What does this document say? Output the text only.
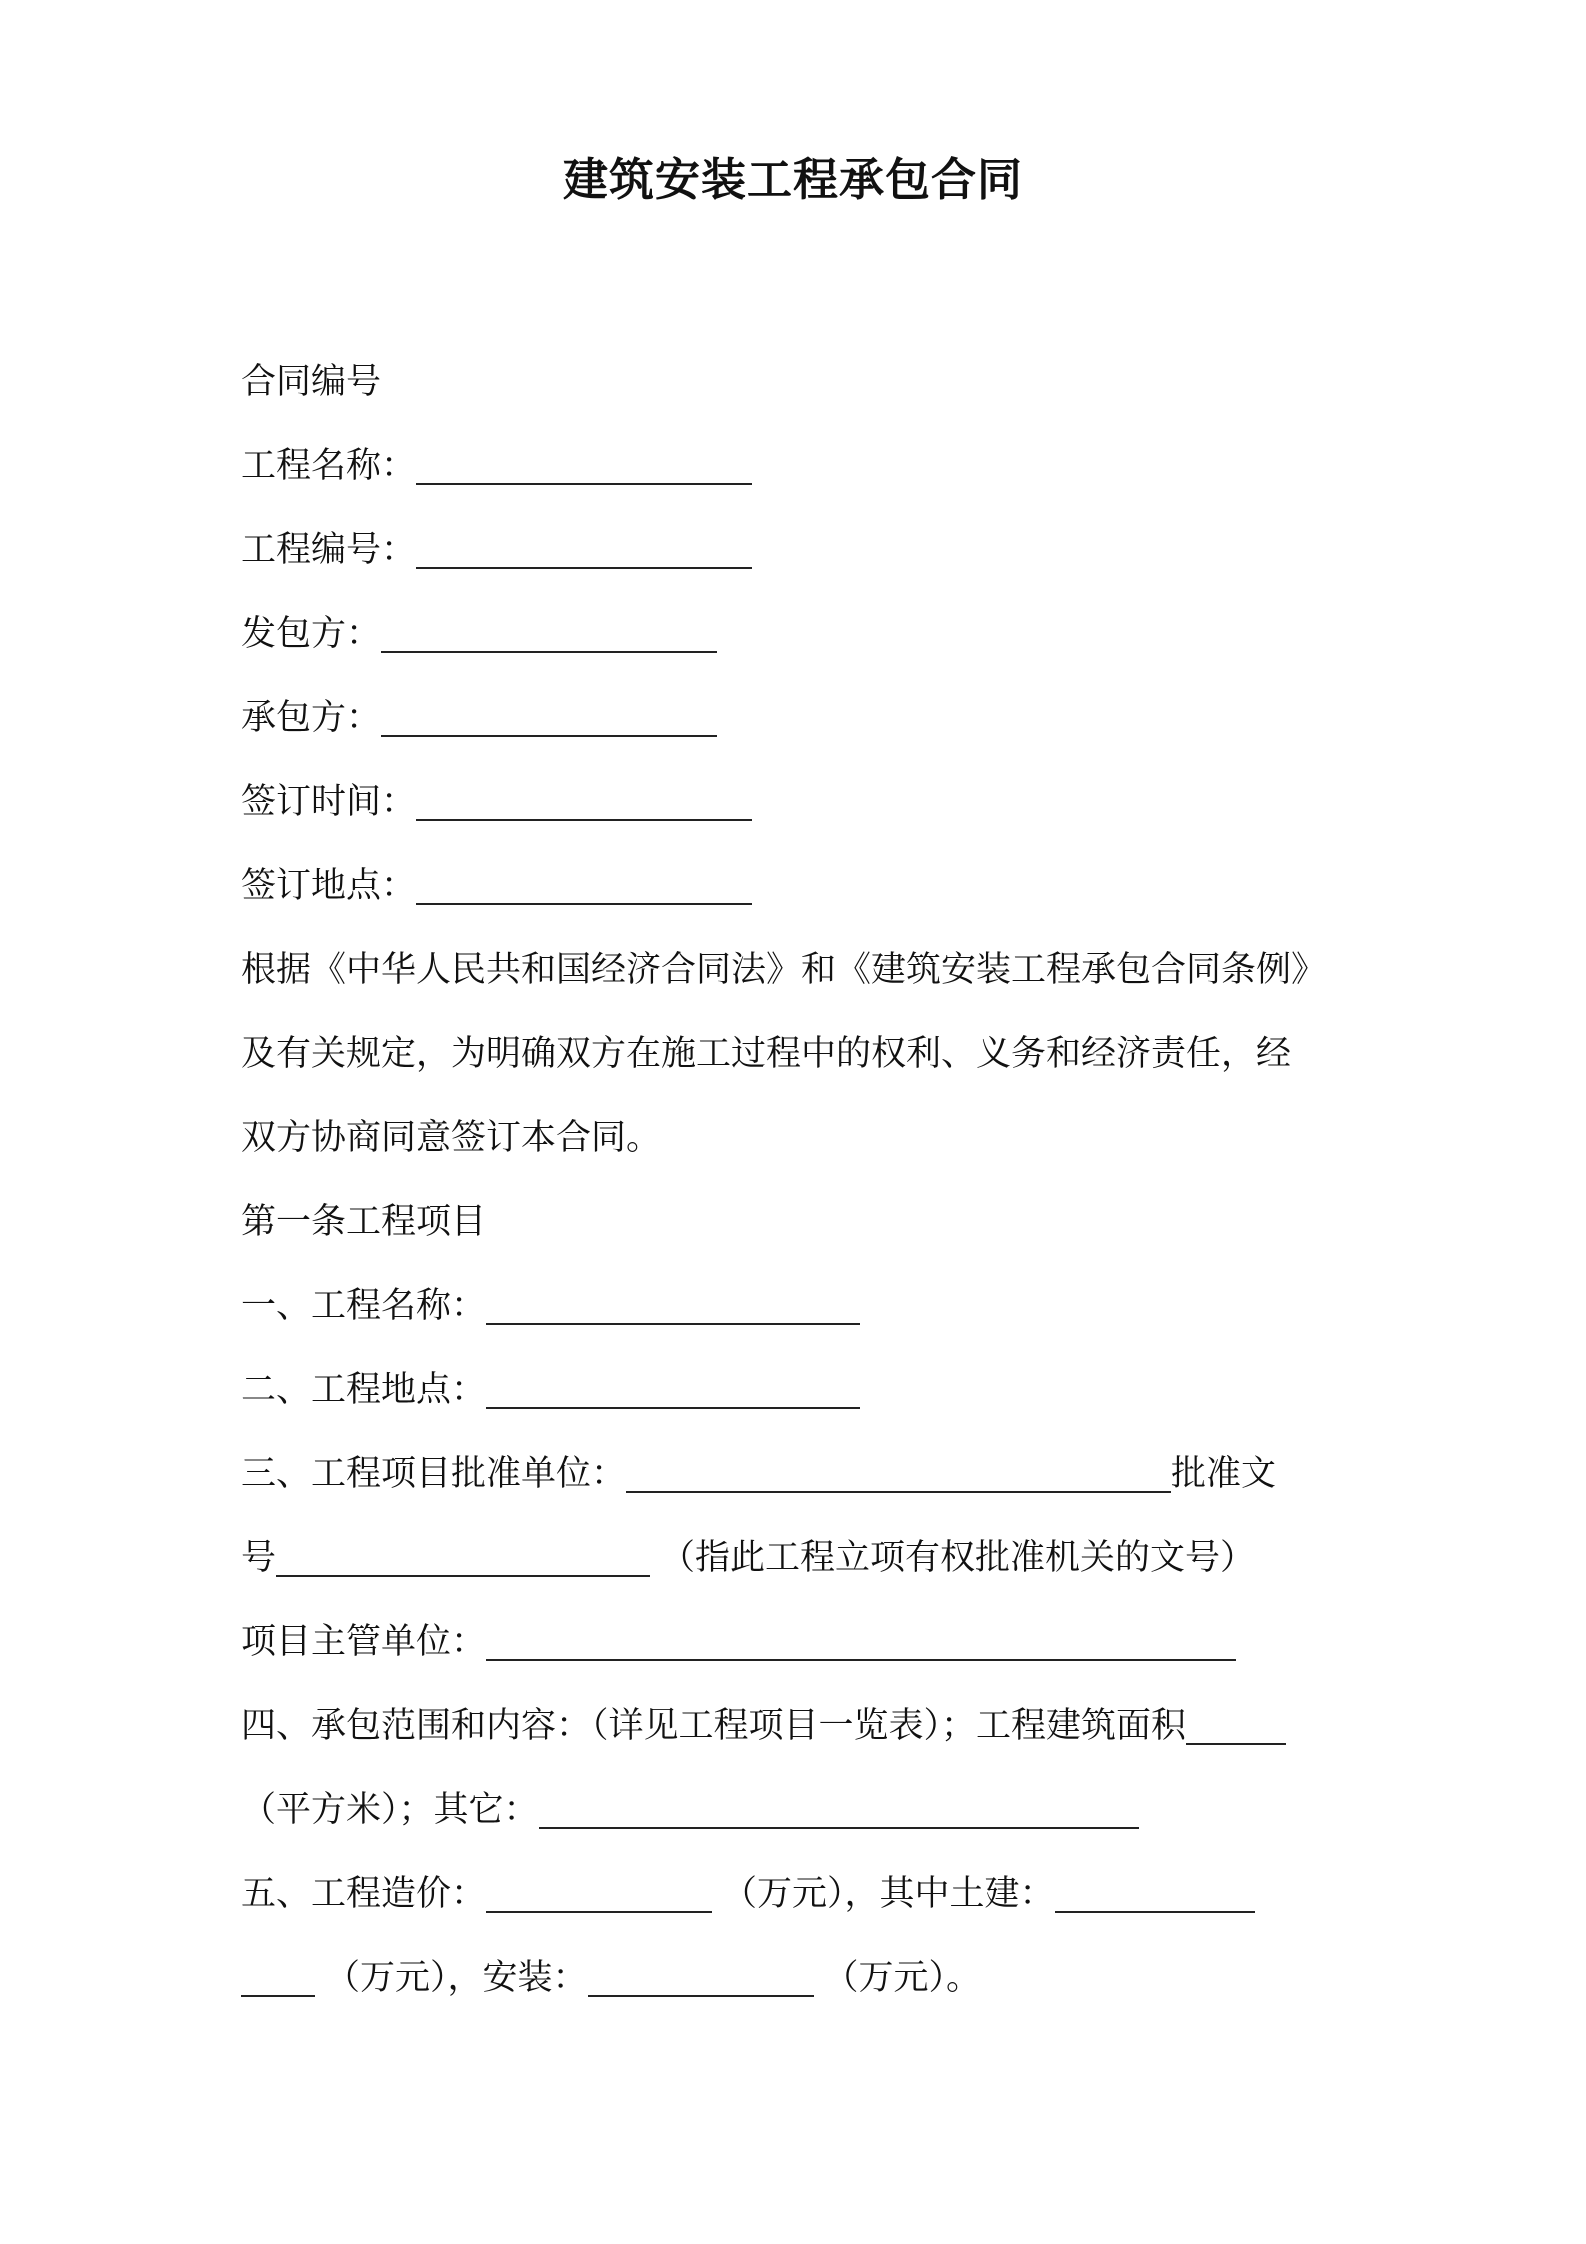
建筑安装工程承包合同
合同编号
工程名称：
工程编号：
发包方：
承包方：
签订时间：
签订地点：
根据《中华人民共和国经济合同法》和《建筑安装工程承包合同条例》
及有关规定，为明确双方在施工过程中的权利、义务和经济责任，经
双方协商同意签订本合同。
第一条工程项目
一、工程名称：
二、工程地点：
三、工程项目批准单位：	批准文
号	（指此工程立项有权批准机关的文号）
项目主管单位：
四、承包范围和内容：（详见工程项目一览表）；工程建筑面积
（平方米）；其它：
五、工程造价：	（万元），其中土建：
（万元），安装：	（万元）。
